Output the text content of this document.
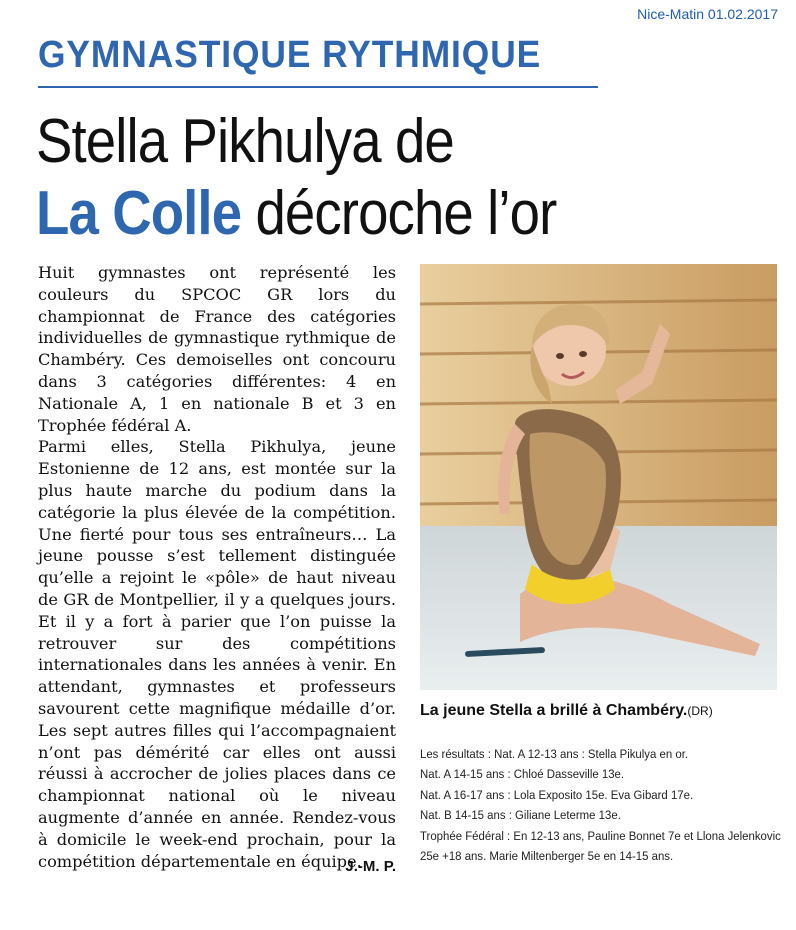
Nice-Matin 01.02.2017
GYMNASTIQUE RYTHMIQUE
Stella Pikhulya de
La Colle décroche l’or

Huit gymnastes ont représenté les couleurs du SPCOC GR lors du championnat de France des catégories individuelles de gymnastique rythmique de Chambéry. Ces demoiselles ont concouru dans 3 catégories différentes: 4 en Nationale A, 1 en nationale B et 3 en Trophée fédéral A.

Parmi elles, Stella Pikhulya, jeune Estonienne de 12 ans, est montée sur la plus haute marche du podium dans la catégorie la plus élevée de la compétition. Une fierté pour tous ses entraîneurs… La jeune pousse s’est tellement distinguée qu’elle a rejoint le «pôle» de haut niveau de GR de Montpellier, il y a quelques jours. Et il y a fort à parier que l’on puisse la retrouver sur des compétitions internationales dans les années à venir. En attendant, gymnastes et professeurs savourent cette magnifique médaille d’or. Les sept autres filles qui l’accompagnaient n’ont pas démérité car elles ont aussi réussi à accrocher de jolies places dans ce championnat national où le niveau augmente d’année en année. Rendez-vous à domicile le week-end prochain, pour la compétition départementale en équipe.

J.-M. P.
La jeune Stella a brillé à Chambéry.(DR)
Les résultats : Nat. A 12-13 ans : Stella Pikulya en or.
Nat. A 14-15 ans : Chloé Dasseville 13e.
Nat. A 16-17 ans : Lola Exposito 15e. Eva Gibard 17e.
Nat. B 14-15 ans : Giliane Leterme 13e.
Trophée Fédéral : En 12-13 ans, Pauline Bonnet 7e et Llona Jelenkovic
25e +18 ans. Marie Miltenberger 5e en 14-15 ans.
